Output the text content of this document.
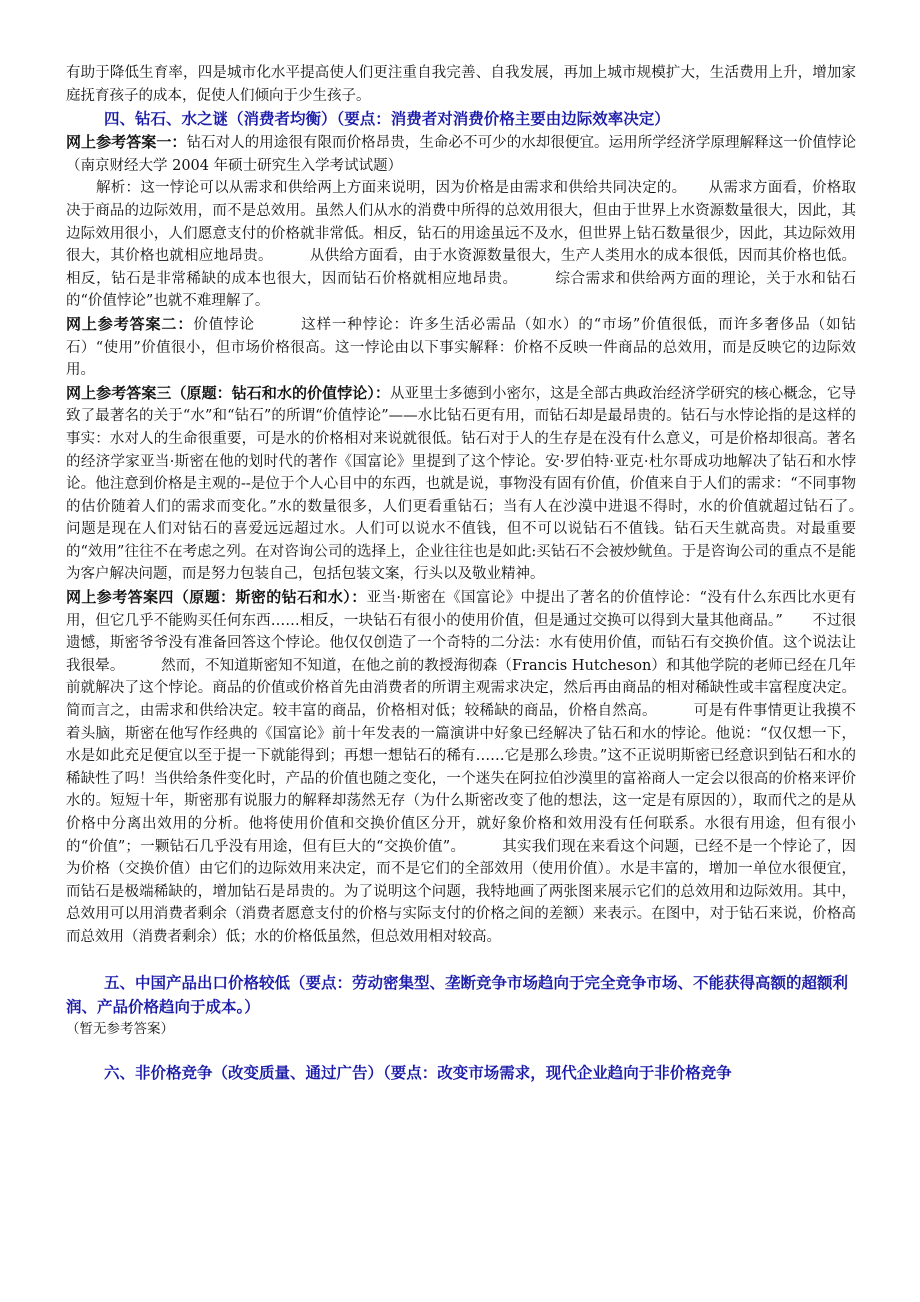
有助于降低生育率，四是城市化水平提高使人们更注重自我完善、自我发展，再加上城市规模扩大，生活费用上升，增加家庭抚育孩子的成本，促使人们倾向于少生孩子。

四、钻石、水之谜（消费者均衡）（要点：消费者对消费价格主要由边际效率决定）

网上参考答案一：钻石对人的用途很有限而价格昂贵，生命必不可少的水却很便宜。运用所学经济学原理解释这一价值悖论（南京财经大学 2004 年硕士研究生入学考试试题）

解析：这一悖论可以从需求和供给两上方面来说明，因为价格是由需求和供给共同决定的。　　从需求方面看，价格取决于商品的边际效用，而不是总效用。虽然人们从水的消费中所得的总效用很大，但由于世界上水资源数量很大，因此，其边际效用很小，人们愿意支付的价格就非常低。相反，钻石的用途虽远不及水，但世界上钻石数量很少，因此，其边际效用很大，其价格也就相应地昂贵。　　　从供给方面看，由于水资源数量很大，生产人类用水的成本很低，因而其价格也低。相反，钻石是非常稀缺的成本也很大，因而钻石价格就相应地昂贵。　　　综合需求和供给两方面的理论，关于水和钻石的“价值悖论”也就不难理解了。

网上参考答案二：价值悖论　　　这样一种悖论：许多生活必需品（如水）的“市场”价值很低，而许多奢侈品（如钻石）“使用”价值很小，但市场价格很高。这一悖论由以下事实解释：价格不反映一件商品的总效用，而是反映它的边际效用。

网上参考答案三（原题：钻石和水的价值悖论）：从亚里士多德到小密尔，这是全部古典政治经济学研究的核心概念，它导致了最著名的关于“水”和“钻石”的所谓“价值悖论”——水比钻石更有用，而钻石却是最昂贵的。钻石与水悖论指的是这样的事实：水对人的生命很重要，可是水的价格相对来说就很低。钻石对于人的生存是在没有什么意义，可是价格却很高。著名的经济学家亚当·斯密在他的划时代的著作《国富论》里提到了这个悖论。安·罗伯特·亚克·杜尔哥成功地解决了钻石和水悖论。他注意到价格是主观的--是位于个人心目中的东西，也就是说，事物没有固有价值，价值来自于人们的需求：“不同事物的估价随着人们的需求而变化。”水的数量很多，人们更看重钻石；当有人在沙漠中进退不得时，水的价值就超过钻石了。　问题是现在人们对钻石的喜爱远远超过水。人们可以说水不值钱，但不可以说钻石不值钱。钻石天生就高贵。对最重要的“效用”往往不在考虑之列。在对咨询公司的选择上，企业往往也是如此:买钻石不会被炒鱿鱼。于是咨询公司的重点不是能为客户解决问题，而是努力包装自己，包括包装文案，行头以及敬业精神。

网上参考答案四（原题：斯密的钻石和水）：亚当·斯密在《国富论》中提出了著名的价值悖论：“没有什么东西比水更有用，但它几乎不能购买任何东西……相反，一块钻石有很小的使用价值，但是通过交换可以得到大量其他商品。”　　不过很遗憾，斯密爷爷没有准备回答这个悖论。他仅仅创造了一个奇特的二分法：水有使用价值，而钻石有交换价值。这个说法让我很晕。　　　然而，不知道斯密知不知道，在他之前的教授海彻森（Francis Hutcheson）和其他学院的老师已经在几年前就解决了这个悖论。商品的价值或价格首先由消费者的所谓主观需求决定，然后再由商品的相对稀缺性或丰富程度决定。简而言之，由需求和供给决定。较丰富的商品，价格相对低；较稀缺的商品，价格自然高。　　　可是有件事情更让我摸不着头脑，斯密在他写作经典的《国富论》前十年发表的一篇演讲中好象已经解决了钻石和水的悖论。他说：“仅仅想一下，水是如此充足便宜以至于提一下就能得到；再想一想钻石的稀有……它是那么珍贵。”这不正说明斯密已经意识到钻石和水的稀缺性了吗！当供给条件变化时，产品的价值也随之变化，一个迷失在阿拉伯沙漠里的富裕商人一定会以很高的价格来评价水的。短短十年，斯密那有说服力的解释却荡然无存（为什么斯密改变了他的想法，这一定是有原因的），取而代之的是从价格中分离出效用的分析。他将使用价值和交换价值区分开，就好象价格和效用没有任何联系。水很有用途，但有很小的“价值”；一颗钻石几乎没有用途，但有巨大的“交换价值”。　　　其实我们现在来看这个问题，已经不是一个悖论了，因为价格（交换价值）由它们的边际效用来决定，而不是它们的全部效用（使用价值）。水是丰富的，增加一单位水很便宜，而钻石是极端稀缺的，增加钻石是昂贵的。为了说明这个问题，我特地画了两张图来展示它们的总效用和边际效用。其中，总效用可以用消费者剩余（消费者愿意支付的价格与实际支付的价格之间的差额）来表示。在图中，对于钻石来说，价格高而总效用（消费者剩余）低；水的价格低虽然，但总效用相对较高。

五、中国产品出口价格较低（要点：劳动密集型、垄断竞争市场趋向于完全竞争市场、不能获得高额的超额利润、产品价格趋向于成本。）

（暂无参考答案）

六、非价格竞争（改变质量、通过广告）（要点：改变市场需求，现代企业趋向于非价格竞争
